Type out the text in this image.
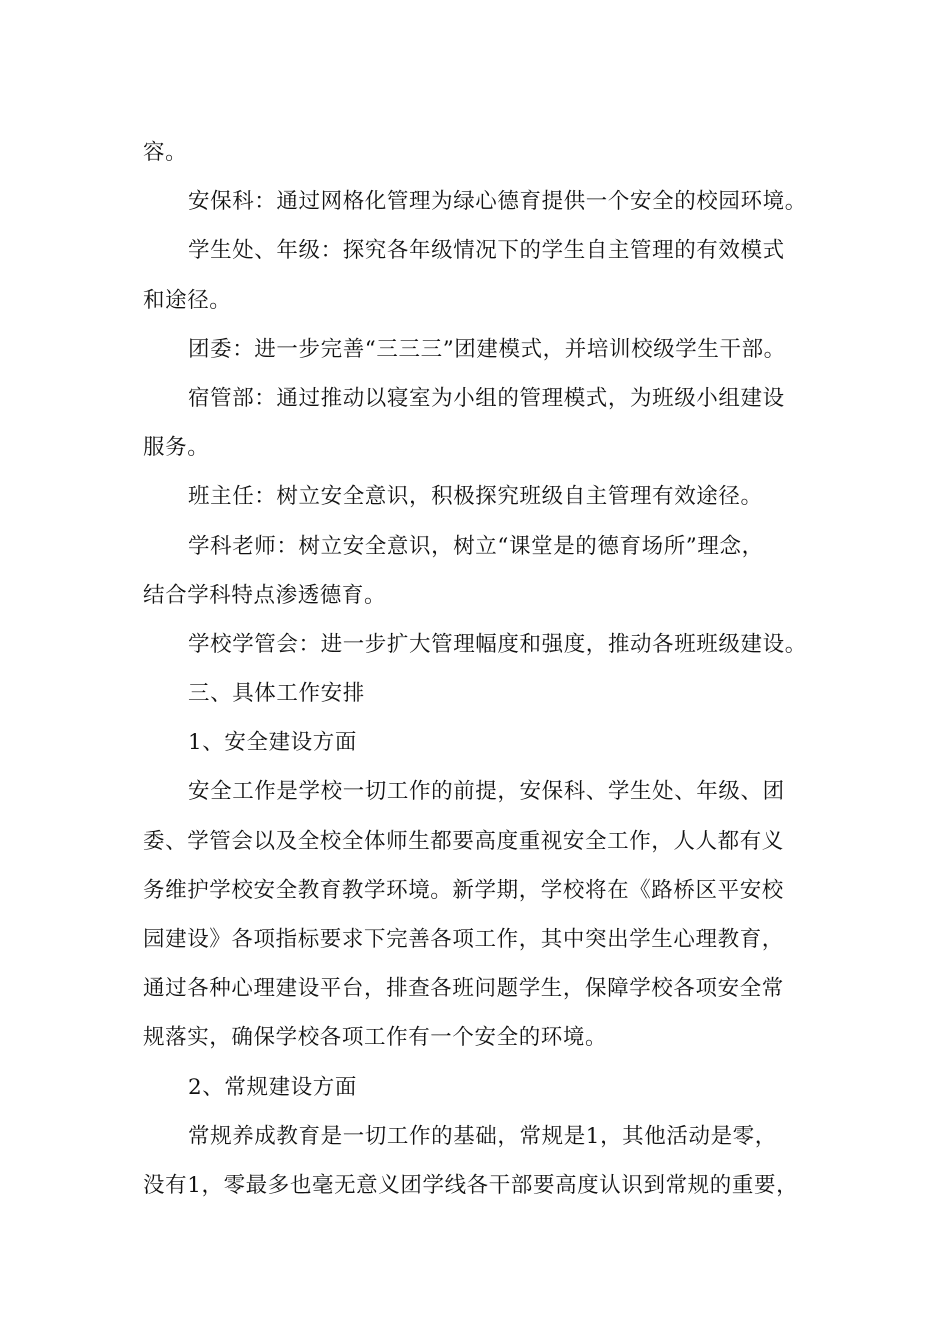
容。
安保科：通过网格化管理为绿心德育提供一个安全的校园环境。
学生处、年级：探究各年级情况下的学生自主管理的有效模式
和途径。
团委：进一步完善“三三三”团建模式，并培训校级学生干部。
宿管部：通过推动以寝室为小组的管理模式，为班级小组建设
服务。
班主任：树立安全意识，积极探究班级自主管理有效途径。
学科老师：树立安全意识，树立“课堂是的德育场所”理念，
结合学科特点渗透德育。
学校学管会：进一步扩大管理幅度和强度，推动各班班级建设。
三、具体工作安排
1、安全建设方面
安全工作是学校一切工作的前提，安保科、学生处、年级、团
委、学管会以及全校全体师生都要高度重视安全工作，人人都有义
务维护学校安全教育教学环境。新学期，学校将在《路桥区平安校
园建设》各项指标要求下完善各项工作，其中突出学生心理教育，
通过各种心理建设平台，排查各班问题学生，保障学校各项安全常
规落实，确保学校各项工作有一个安全的环境。
2、常规建设方面
常规养成教育是一切工作的基础，常规是1，其他活动是零，
没有1，零最多也毫无意义团学线各干部要高度认识到常规的重要，
